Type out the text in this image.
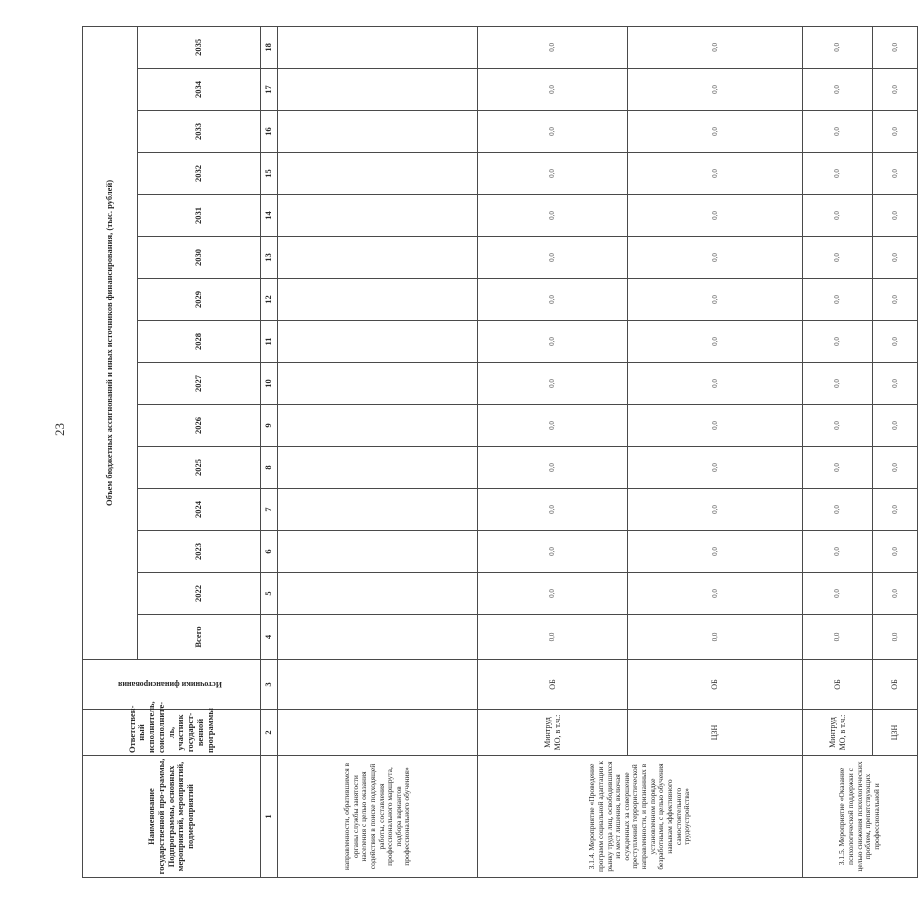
23
Наименование государственной про-граммы, Подпрограммы, основных мероприятий, мероприятий, подмероприятий	Ответствен-ный исполнитель, соисполните-ль, участник государст-венной программы	Источники финансирования	Объем бюджетных ассигнований и иных источников финансирования, (тыс. рублей)														
			Всего	2022	2023	2024	2025	2026	2027	2028	2029	2030	2031	2032	2033	2034	2035
1	2	3	4	5	6	7	8	9	10	11	12	13	14	15	16	17	18
направленности, обратившимся в органы службы занятости населения с целью оказания содействия в поиске подходящей работы, составления профессионального маршрута, подбора вариантов профессионального обучения»																	
3.1.4. Мероприятие «Проведение программ социальной адаптации к рынку труда лиц, освободившихся из мест лишения, включая осужденных за совершение преступлений террористической направленности, и признанных в установленном порядке безработными, с целью обучения навыкам эффективного самостоятельного трудоустройства»	Минтруд МО, в т.ч.:	ОБ	0,0	0,0	0,0	0,0	0,0	0,0	0,0	0,0	0,0	0,0	0,0	0,0	0,0	0,0	0,0
	ЦЗН	ОБ	0,0	0,0	0,0	0,0	0,0	0,0	0,0	0,0	0,0	0,0	0,0	0,0	0,0	0,0	0,0
3.1.5. Мероприятие «Оказание психологической поддержки с целью снижения психологических проблем, препятствующих профессиональной и	Минтруд МО, в т.ч.:	ОБ	0,0	0,0	0,0	0,0	0,0	0,0	0,0	0,0	0,0	0,0	0,0	0,0	0,0	0,0	0,0
	ЦЗН	ОБ	0,0	0,0	0,0	0,0	0,0	0,0	0,0	0,0	0,0	0,0	0,0	0,0	0,0	0,0	0,0
